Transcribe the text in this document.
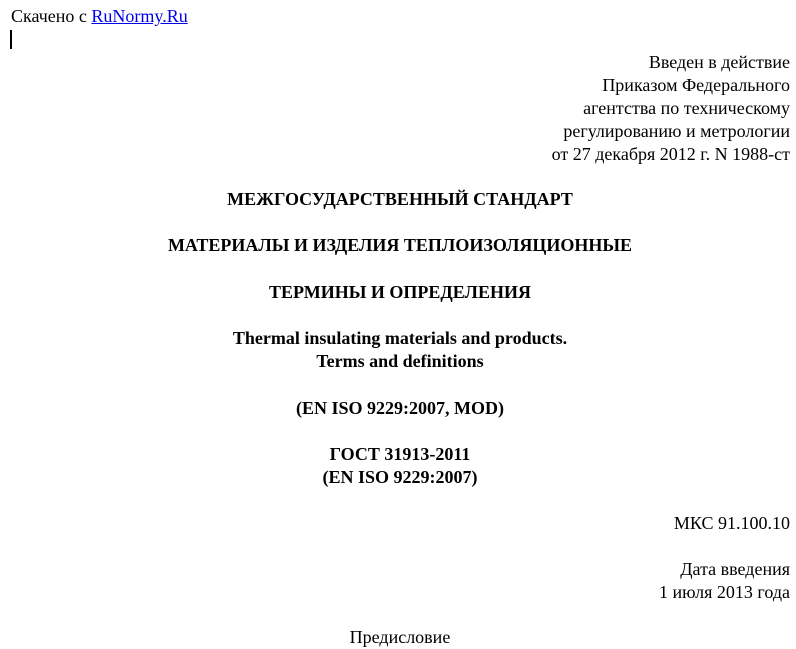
Скачено с RuNormy.Ru
Введен в действие
Приказом Федерального
агентства по техническому
регулированию и метрологии
от 27 декабря 2012 г. N 1988-ст
МЕЖГОСУДАРСТВЕННЫЙ СТАНДАРТ
МАТЕРИАЛЫ И ИЗДЕЛИЯ ТЕПЛОИЗОЛЯЦИОННЫЕ
ТЕРМИНЫ И ОПРЕДЕЛЕНИЯ
Thermal insulating materials and products.
Terms and definitions
(EN ISO 9229:2007, MOD)
ГОСТ 31913-2011
(EN ISO 9229:2007)
МКС 91.100.10
Дата введения
1 июля 2013 года
Предисловие
